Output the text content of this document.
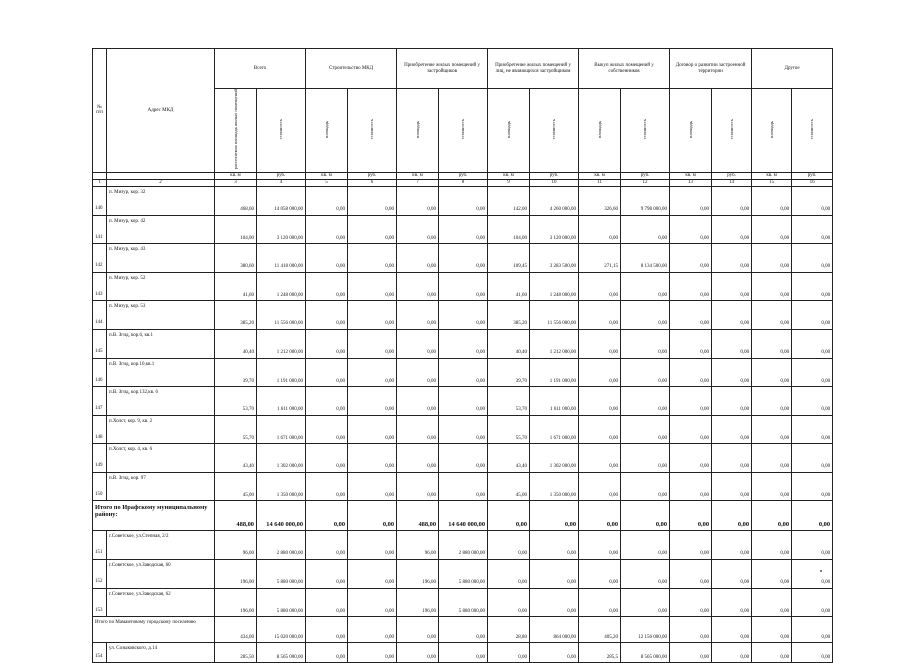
№ п/п	Адрес МКД	Всего		Строительство МКД		Приобретение жилых помещений у застройщиков		Приобретение жилых помещений у лиц, не являющихся застройщиком		Выкуп жилых помещений у собственников		Договор о развитии застроенной территории		Другое	
		расселяемая площадь жилых помещений	стоимость	площадь	стоимость	площадь	стоимость	площадь	стоимость	площадь	стоимость	площадь	стоимость	площадь	стоимость
		кв. м	руб.	кв. м	руб.	кв. м	руб.	кв. м	руб.	кв. м	руб.	кв. м	руб.	кв. м	руб.
1	2	3	4	5	6	7	8	9	10	11	12	13	14	15	16
140	п. Мизур, кор. 32	468,60	14 058 000,00	0,00	0,00	0,00	0,00	142,00	4 260 000,00	326,60	9 798 000,00	0,00	0,00	0,00	0,00
141	п. Мизур, кор. 42	104,00	3 120 000,00	0,00	0,00	0,00	0,00	104,00	3 120 000,00	0,00	0,00	0,00	0,00	0,00	0,00
142	п. Мизур, кор. 43	380,60	11 418 000,00	0,00	0,00	0,00	0,00	109,45	3 283 500,00	271,15	8 134 500,00	0,00	0,00	0,00	0,00
143	п. Мизур, кор. 52	41,60	1 248 000,00	0,00	0,00	0,00	0,00	41,60	1 248 000,00	0,00	0,00	0,00	0,00	0,00	0,00
144	п. Мизур, кор. 53	385,20	11 556 000,00	0,00	0,00	0,00	0,00	385,20	11 556 000,00	0,00	0,00	0,00	0,00	0,00	0,00
145	п.В. Згид, кор.6, кв.1	40,40	1 212 000,00	0,00	0,00	0,00	0,00	40,40	1 212 000,00	0,00	0,00	0,00	0,00	0,00	0,00
146	п.В. Згид, кор.10,кв.1	39,70	1 191 000,00	0,00	0,00	0,00	0,00	39,70	1 191 000,00	0,00	0,00	0,00	0,00	0,00	0,00
147	п.В. Згид, кор.132,кв. 6	53,70	1 611 000,00	0,00	0,00	0,00	0,00	53,70	1 611 000,00	0,00	0,00	0,00	0,00	0,00	0,00
148	п.Холст, кор. 9, кв. 2	55,70	1 671 000,00	0,00	0,00	0,00	0,00	55,70	1 671 000,00	0,00	0,00	0,00	0,00	0,00	0,00
149	п.Холст, кор. 4, кв. 6	43,40	1 302 000,00	0,00	0,00	0,00	0,00	43,40	1 302 000,00	0,00	0,00	0,00	0,00	0,00	0,00
150	п.В. Згид, кор. 97	45,00	1 350 000,00	0,00	0,00	0,00	0,00	45,00	1 350 000,00	0,00	0,00	0,00	0,00	0,00	0,00
Итого по Ирафскому муниципальному району:		488,00	14 640 000,00	0,00	0,00	488,00	14 640 000,00	0,00	0,00	0,00	0,00	0,00	0,00	0,00	0,00
151	г.Советское, ул.Степная, 2/2	96,00	2 880 000,00	0,00	0,00	96,00	2 880 000,00	0,00	0,00	0,00	0,00	0,00	0,00	0,00	0,00
152	г.Советское, ул.Заводская, 60	196,00	5 880 000,00	0,00	0,00	196,00	5 880 000,00	0,00	0,00	0,00	0,00	0,00	0,00	0,00	0,00
153	г.Советское, ул.Заводская, 62	196,00	5 880 000,00	0,00	0,00	196,00	5 880 000,00	0,00	0,00	0,00	0,00	0,00	0,00	0,00	0,00
Итого по Мамамтовому городскому поселению		434,00	15 020 000,00	0,00	0,00	0,00	0,00	28,80	864 000,00	405,20	12 156 000,00	0,00	0,00	0,00	0,00
154	ул. Созыковского, д.14	285,50	8 565 000,00	0,00	0,00	0,00	0,00	0,00	0,00	285,5	8 565 000,00	0,00	0,00	0,00	0,00
